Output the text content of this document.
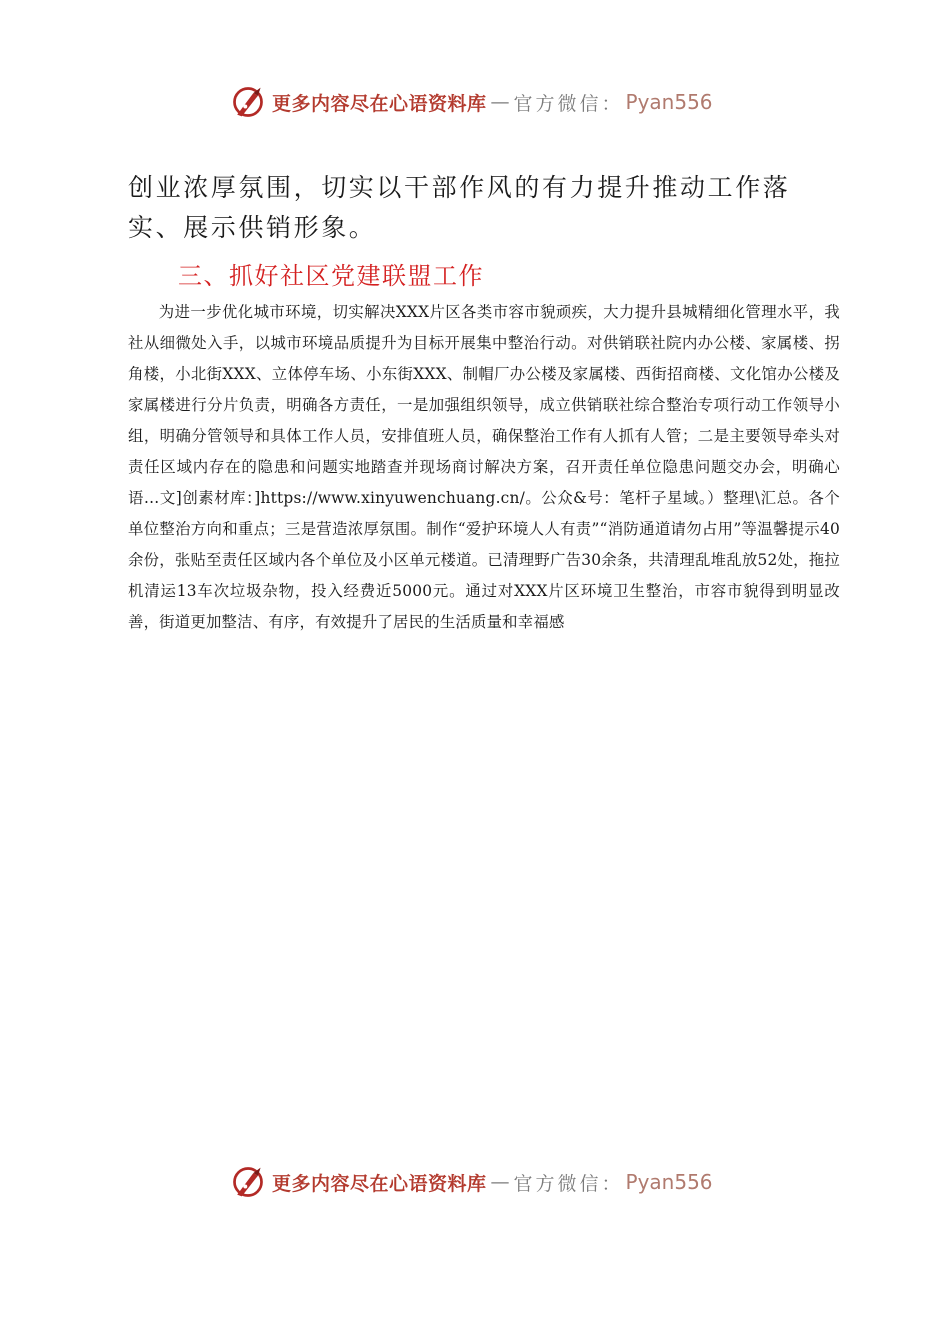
更多内容尽在心语资料库 — 官方微信： Pyan556
创业浓厚氛围，切实以干部作风的有力提升推动工作落实、展示供销形象。
三、抓好社区党建联盟工作
为进一步优化城市环境，切实解决XXX片区各类市容市貌顽疾，大力提升县城精细化管理水平，我社从细微处入手，以城市环境品质提升为目标开展集中整治行动。对供销联社院内办公楼、家属楼、拐角楼，小北街XXX、立体停车场、小东街XXX、制帽厂办公楼及家属楼、西街招商楼、文化馆办公楼及家属楼进行分片负责，明确各方责任，一是加强组织领导，成立供销联社综合整治专项行动工作领导小组，明确分管领导和具体工作人员，安排值班人员，确保整治工作有人抓有人管；二是主要领导牵头对责任区域内存在的隐患和问题实地踏查并现场商讨解决方案，召开责任单位隐患问题交办会，明确心语…文]创素材库：]https://www.xinyuwenchuang.cn/。公众&号：笔杆子星域。）整理\汇总。各个单位整治方向和重点；三是营造浓厚氛围。制作“爱护环境人人有责”“消防通道请勿占用”等温馨提示40余份，张贴至责任区域内各个单位及小区单元楼道。已清理野广告30余条，共清理乱堆乱放52处，拖拉机清运13车次垃圾杂物，投入经费近5000元。通过对XXX片区环境卫生整治，市容市貌得到明显改善，街道更加整洁、有序，有效提升了居民的生活质量和幸福感
更多内容尽在心语资料库 — 官方微信： Pyan556
